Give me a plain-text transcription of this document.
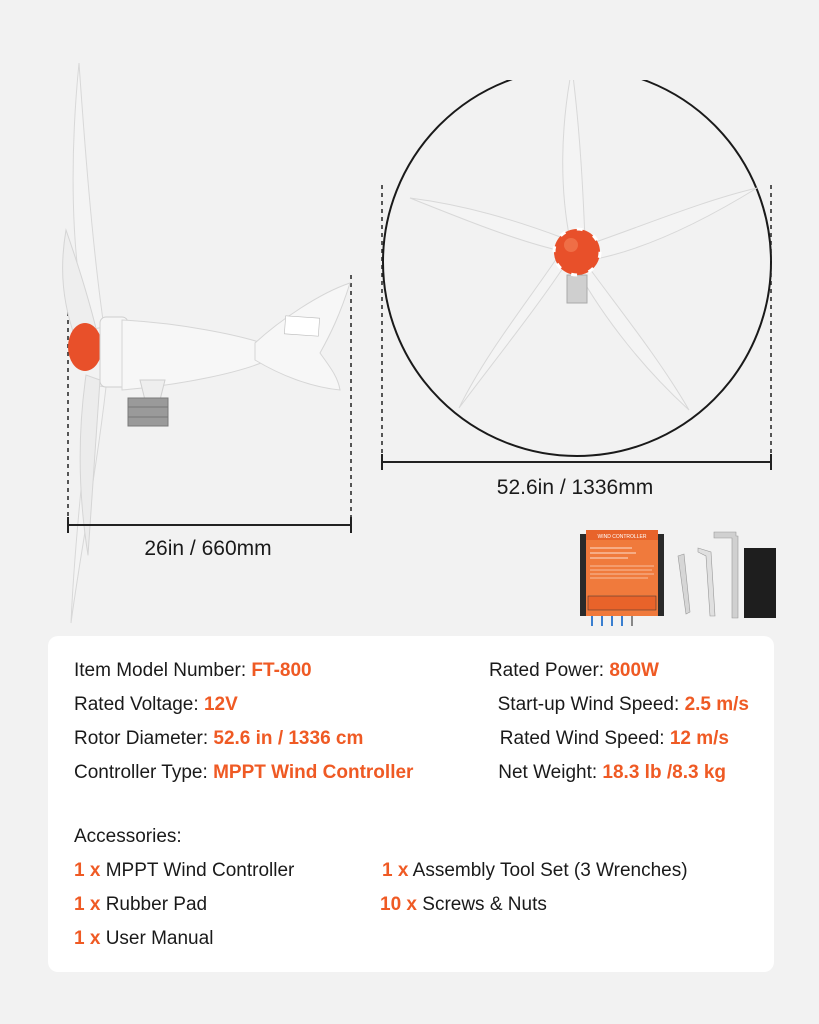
26in / 660mm
52.6in / 1336mm
WIND CONTROLLER
Item Model Number: FT-800
Rated Voltage: 12V
Rotor Diameter: 52.6 in / 1336 cm
Controller Type: MPPT Wind Controller
Rated Power: 800W
Start-up Wind Speed: 2.5 m/s
Rated Wind Speed: 12 m/s
Net Weight: 18.3 lb /8.3 kg
Accessories:
1 x MPPT Wind Controller	1 x Assembly Tool Set (3 Wrenches)
1 x Rubber Pad	10 x Screws & Nuts
1 x User Manual
